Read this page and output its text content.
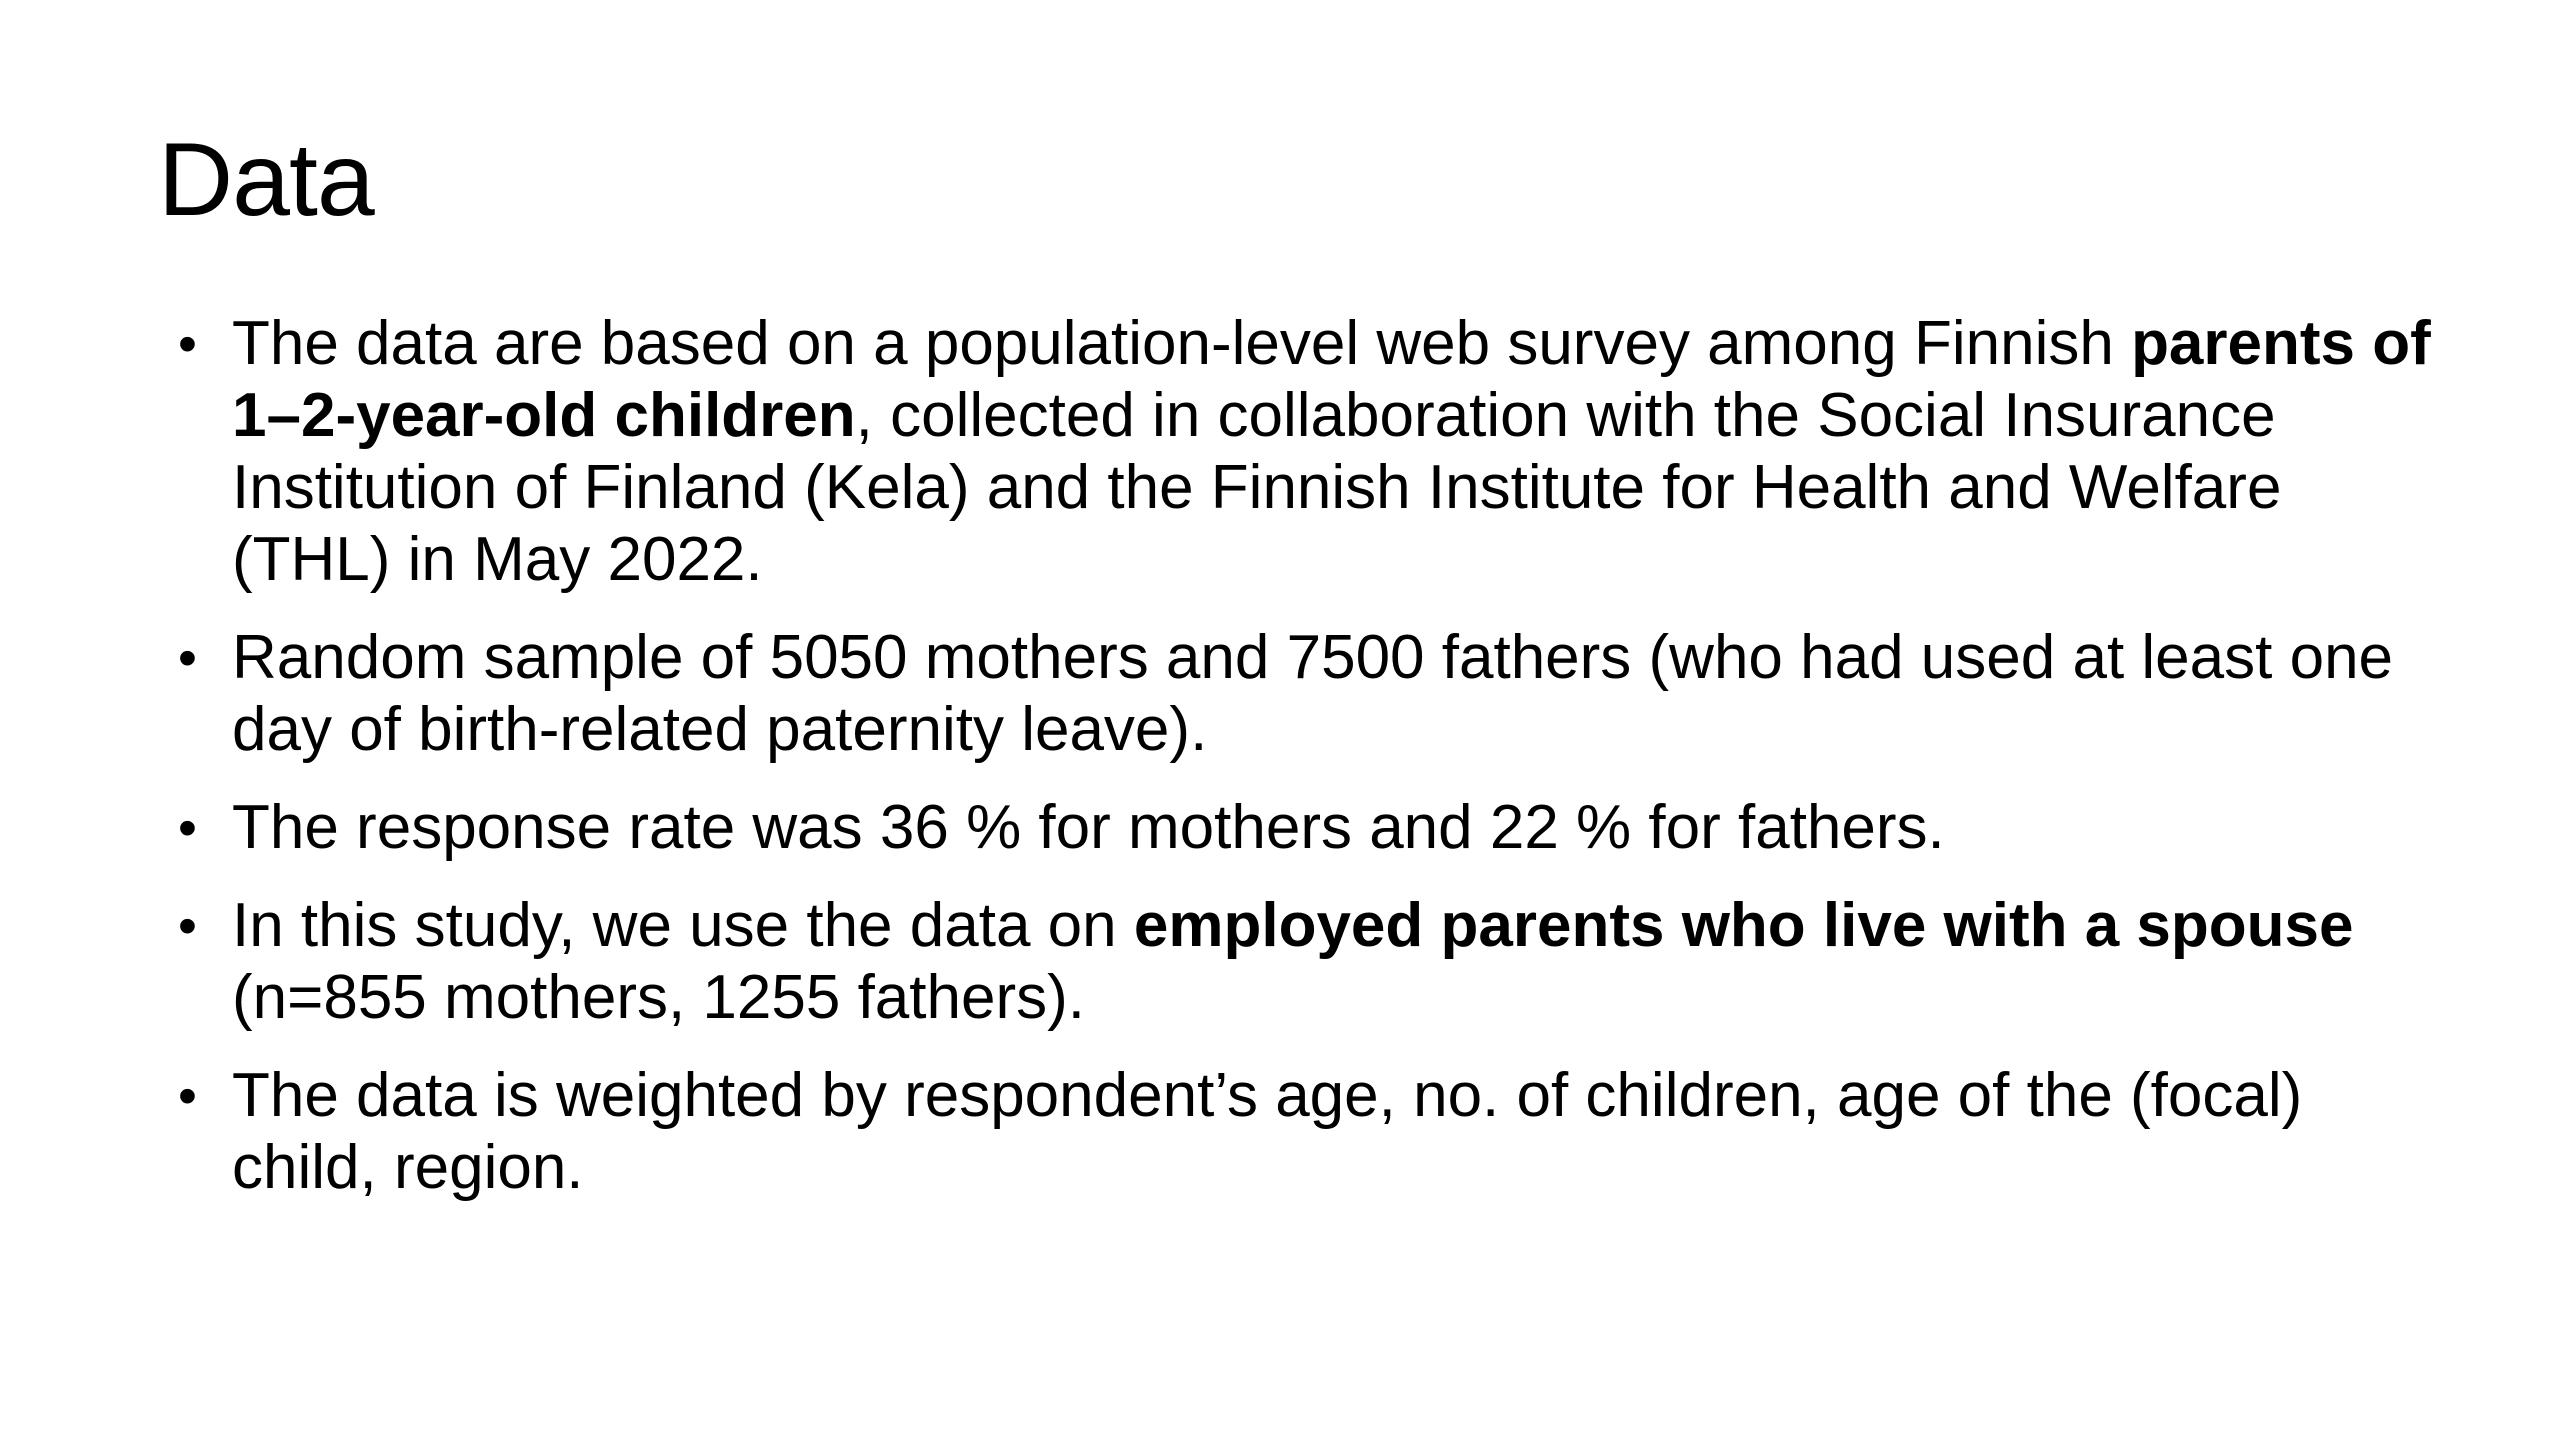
Data
• The data are based on a population-level web survey among Finnish parents of 1–2-year-old children, collected in collaboration with the Social Insurance Institution of Finland (Kela) and the Finnish Institute for Health and Welfare (THL) in May 2022.
• Random sample of 5050 mothers and 7500 fathers (who had used at least one day of birth-related paternity leave).
• The response rate was 36 % for mothers and 22 % for fathers.
• In this study, we use the data on employed parents who live with a spouse (n=855 mothers, 1255 fathers).
• The data is weighted by respondent’s age, no. of children, age of the (focal) child, region.
